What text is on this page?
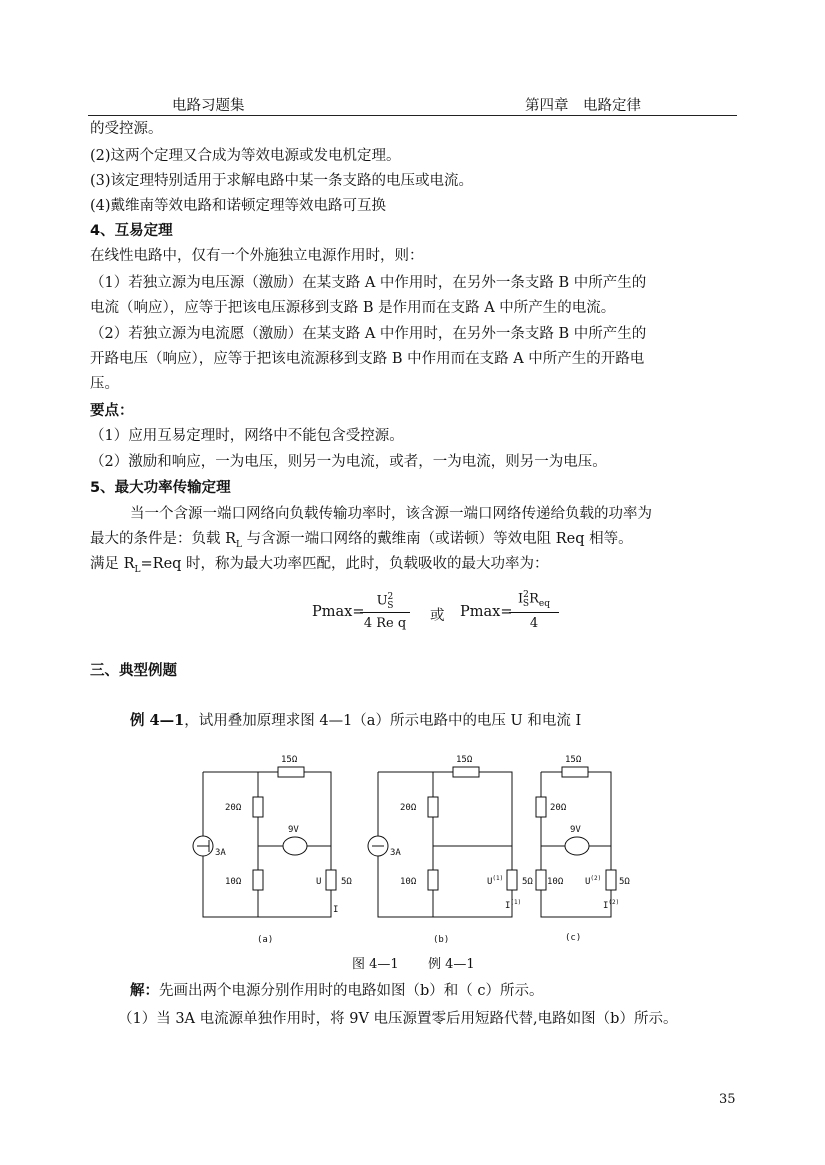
电路习题集	第四章　电路定律
的受控源。
(2)这两个定理又合成为等效电源或发电机定理。
(3)该定理特别适用于求解电路中某一条支路的电压或电流。
(4)戴维南等效电路和诺顿定理等效电路可互换
4、互易定理
在线性电路中，仅有一个外施独立电源作用时，则：
（1）若独立源为电压源（激励）在某支路 A 中作用时，在另外一条支路 B 中所产生的
电流（响应），应等于把该电压源移到支路 B 是作用而在支路 A 中所产生的电流。
（2）若独立源为电流愿（激励）在某支路 A 中作用时，在另外一条支路 B 中所产生的
开路电压（响应），应等于把该电流源移到支路 B 中作用而在支路 A 中所产生的开路电
压。
要点：
（1）应用互易定理时，网络中不能包含受控源。
（2）激励和响应，一为电压，则另一为电流，或者，一为电流，则另一为电压。
5、最大功率传输定理
当一个含源一端口网络向负载传输功率时，该含源一端口网络传递给负载的功率为
最大的条件是：负载 $R_L$ 与含源一端口网络的戴维南（或诺顿）等效电阻 Req 相等。
满足 $R_L=Req$ 时，称为最大功率匹配，此时，负载吸收的最大功率为：
Pmax=
$U^2_S$
4 Re q 或 Pmax=
$I^2_SR_{eq}$
4
三、典型例题
例 4—1，试用叠加原理求图 4—1（a）所示电路中的电压 U 和电流 I
15Ω
20Ω
9V
3A
10Ω	U 5Ω
I
(a)
15Ω
20Ω
3A
10Ω	$U^{(1)}$ 5Ω
$I^{(1)}$
(b)
15Ω
20Ω
9V
10Ω $U^{(2)}$ 5Ω
$I^{(2)}$
(c)
图 4—1 例 4—1
解：先画出两个电源分别作用时的电路如图（b）和（ c）所示。
（1）当 3A 电流源单独作用时，将 9V 电压源置零后用短路代替,电路如图（b）所示。
35
